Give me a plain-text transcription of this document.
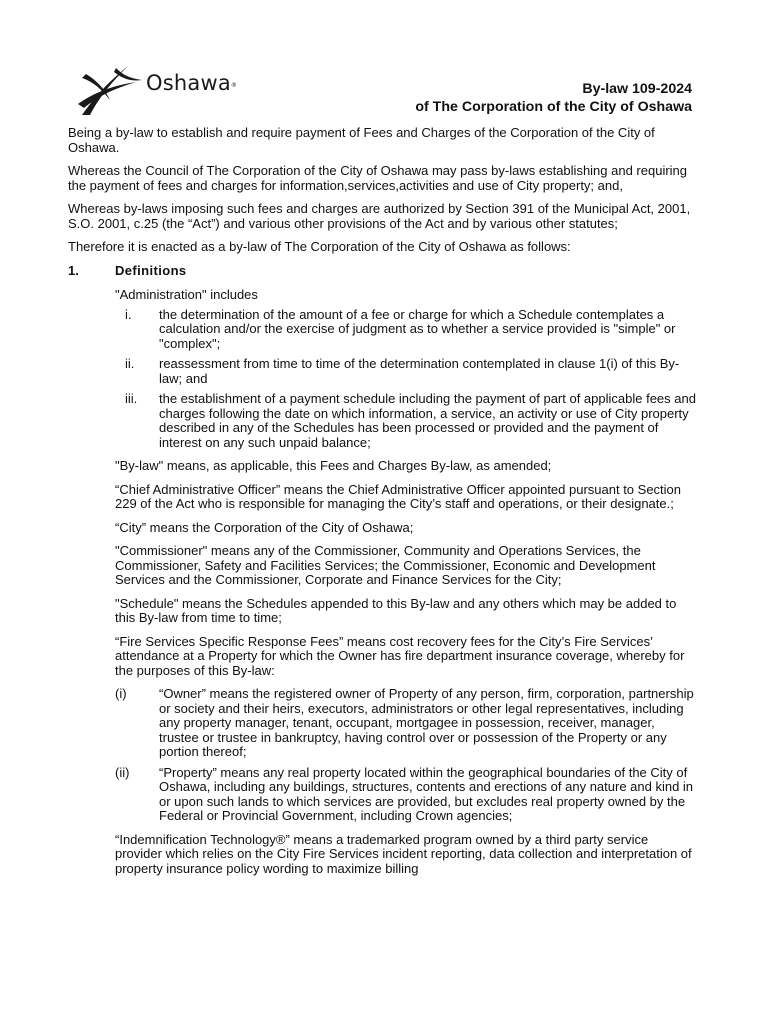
Oshawa®	By-law 109-2024
of The Corporation of the City of Oshawa

Being a by-law to establish and require payment of Fees and Charges of the Corporation of the City of Oshawa.

Whereas the Council of The Corporation of the City of Oshawa may pass by-laws establishing and requiring the payment of fees and charges for information,services,activities and use of City property; and,

Whereas by-laws imposing such fees and charges are authorized by Section 391 of the Municipal Act, 2001, S.O. 2001, c.25 (the “Act”) and various other provisions of the Act and by various other statutes;

Therefore it is enacted as a by-law of The Corporation of the City of Oshawa as follows:

1.	Definitions

"Administration" includes

i.	the determination of the amount of a fee or charge for which a Schedule contemplates a calculation and/or the exercise of judgment as to whether a service provided is "simple" or "complex";
ii.	reassessment from time to time of the determination contemplated in clause 1(i) of this By-law; and
iii.	the establishment of a payment schedule including the payment of part of applicable fees and charges following the date on which information, a service, an activity or use of City property described in any of the Schedules has been processed or provided and the payment of interest on any such unpaid balance;

"By-law" means, as applicable, this Fees and Charges By-law, as amended;

“Chief Administrative Officer” means the Chief Administrative Officer appointed pursuant to Section 229 of the Act who is responsible for managing the City’s staff and operations, or their designate.;

“City” means the Corporation of the City of Oshawa;

"Commissioner" means any of the Commissioner, Community and Operations Services, the Commissioner, Safety and Facilities Services; the Commissioner, Economic and Development Services and the Commissioner, Corporate and Finance Services for the City;

"Schedule" means the Schedules appended to this By-law and any others which may be added to this By-law from time to time;

“Fire Services Specific Response Fees” means cost recovery fees for the City’s Fire Services’ attendance at a Property for which the Owner has fire department insurance coverage, whereby for the purposes of this By-law:

(i)	“Owner” means the registered owner of Property of any person, firm, corporation, partnership or society and their heirs, executors, administrators or other legal representatives, including any property manager, tenant, occupant, mortgagee in possession, receiver, manager, trustee or trustee in bankruptcy, having control over or possession of the Property or any portion thereof;
(ii)	“Property” means any real property located within the geographical boundaries of the City of Oshawa, including any buildings, structures, contents and erections of any nature and kind in or upon such lands to which services are provided, but excludes real property owned by the Federal or Provincial Government, including Crown agencies;

“Indemnification Technology®” means a trademarked program owned by a third party service provider which relies on the City Fire Services incident reporting, data collection and interpretation of property insurance policy wording to maximize billing
